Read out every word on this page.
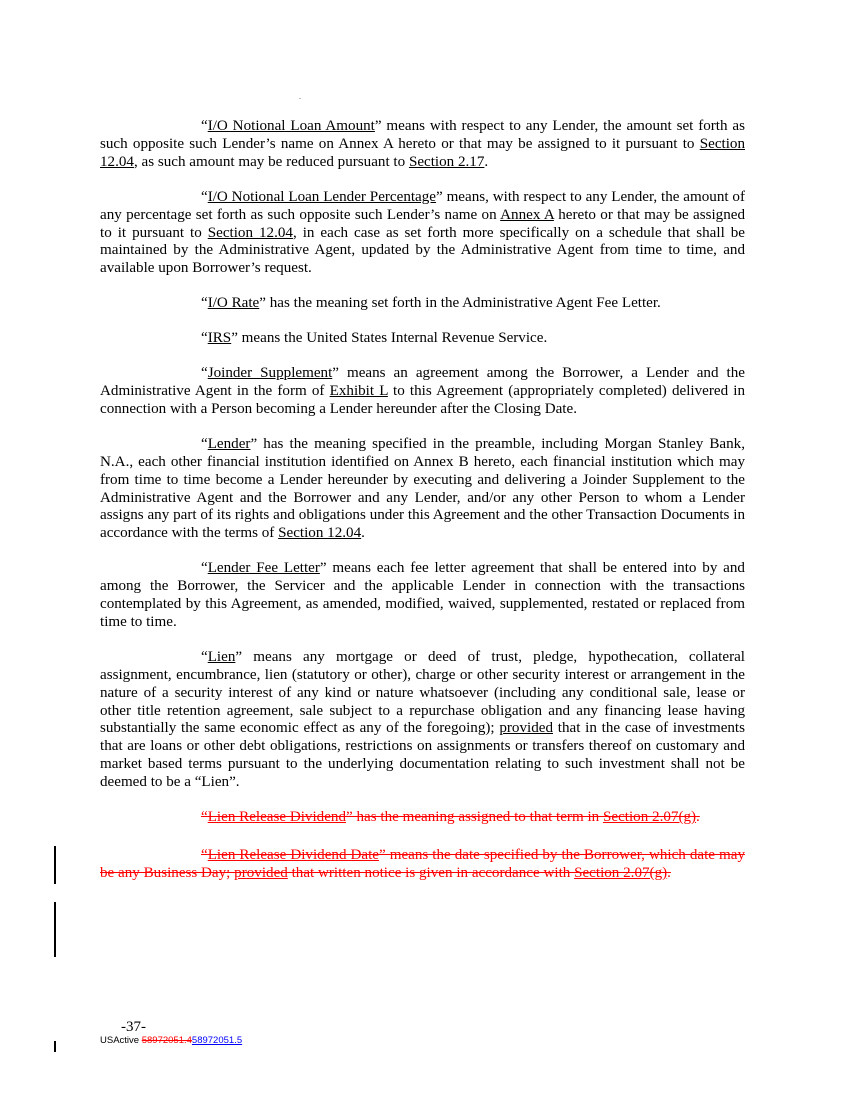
.

“I/O Notional Loan Amount” means with respect to any Lender, the amount set forth as such opposite such Lender’s name on Annex A hereto or that may be assigned to it pursuant to Section 12.04, as such amount may be reduced pursuant to Section 2.17.

“I/O Notional Loan Lender Percentage” means, with respect to any Lender, the amount of any percentage set forth as such opposite such Lender’s name on Annex A hereto or that may be assigned to it pursuant to Section 12.04, in each case as set forth more specifically on a schedule that shall be maintained by the Administrative Agent, updated by the Administrative Agent from time to time, and available upon Borrower’s request.

“I/O Rate” has the meaning set forth in the Administrative Agent Fee Letter.

“IRS” means the United States Internal Revenue Service.

“Joinder Supplement” means an agreement among the Borrower, a Lender and the Administrative Agent in the form of Exhibit L to this Agreement (appropriately completed) delivered in connection with a Person becoming a Lender hereunder after the Closing Date.

“Lender” has the meaning specified in the preamble, including Morgan Stanley Bank, N.A., each other financial institution identified on Annex B hereto, each financial institution which may from time to time become a Lender hereunder by executing and delivering a Joinder Supplement to the Administrative Agent and the Borrower and any Lender, and/or any other Person to whom a Lender assigns any part of its rights and obligations under this Agreement and the other Transaction Documents in accordance with the terms of Section 12.04.

“Lender Fee Letter” means each fee letter agreement that shall be entered into by and among the Borrower, the Servicer and the applicable Lender in connection with the transactions contemplated by this Agreement, as amended, modified, waived, supplemented, restated or replaced from time to time.

“Lien” means any mortgage or deed of trust, pledge, hypothecation, collateral assignment, encumbrance, lien (statutory or other), charge or other security interest or arrangement in the nature of a security interest of any kind or nature whatsoever (including any conditional sale, lease or other title retention agreement, sale subject to a repurchase obligation and any financing lease having substantially the same economic effect as any of the foregoing); provided that in the case of investments that are loans or other debt obligations, restrictions on assignments or transfers thereof on customary and market based terms pursuant to the underlying documentation relating to such investment shall not be deemed to be a “Lien”.

“Lien Release Dividend” has the meaning assigned to that term in Section 2.07(g).

“Lien Release Dividend Date” means the date specified by the Borrower, which date may be any Business Day; provided that written notice is given in accordance with Section 2.07(g).

-37-
USActive 58972051.458972051.5
